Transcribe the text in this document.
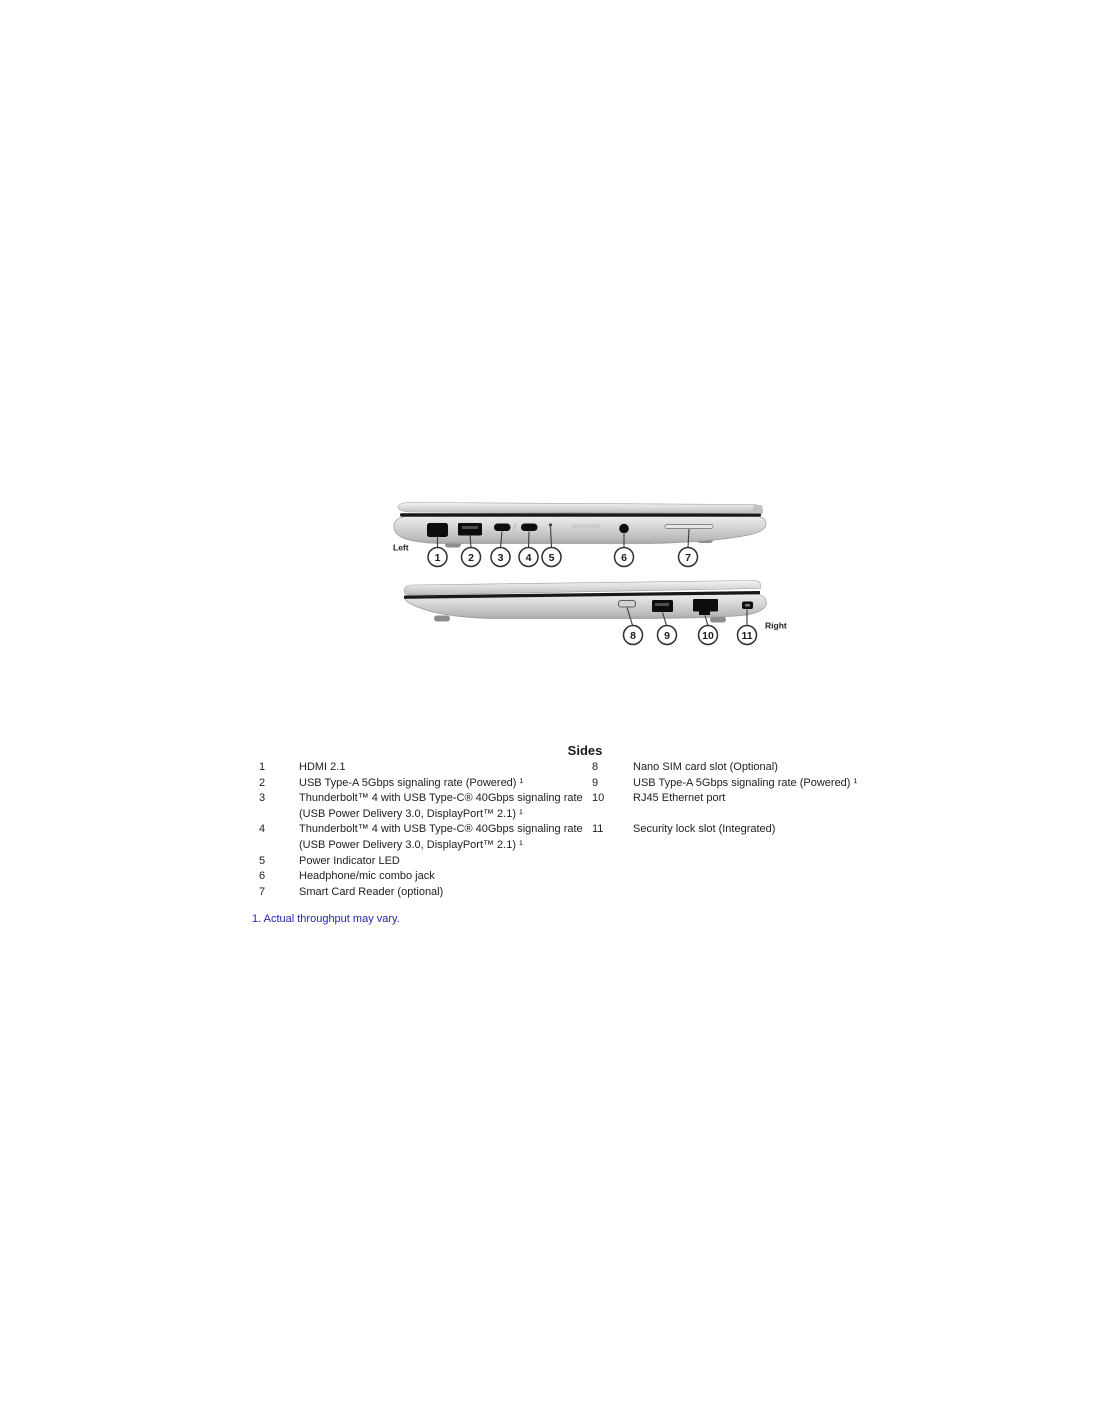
polystudio
1	2 3 4 5	6	7
Left
8	9	10	11
Right
Sides
1	HDMI 2.1
2	USB Type-A 5Gbps signaling rate (Powered) ¹
3	Thunderbolt™ 4 with USB Type-C® 40Gbps signaling rate
(USB Power Delivery 3.0, DisplayPort™ 2.1) ¹
4	Thunderbolt™ 4 with USB Type-C® 40Gbps signaling rate
(USB Power Delivery 3.0, DisplayPort™ 2.1) ¹
5	Power Indicator LED
6	Headphone/mic combo jack
7	Smart Card Reader (optional)
8	Nano SIM card slot (Optional)
9	USB Type-A 5Gbps signaling rate (Powered) ¹
10	RJ45 Ethernet port
11	Security lock slot (Integrated)
1. Actual throughput may vary.
